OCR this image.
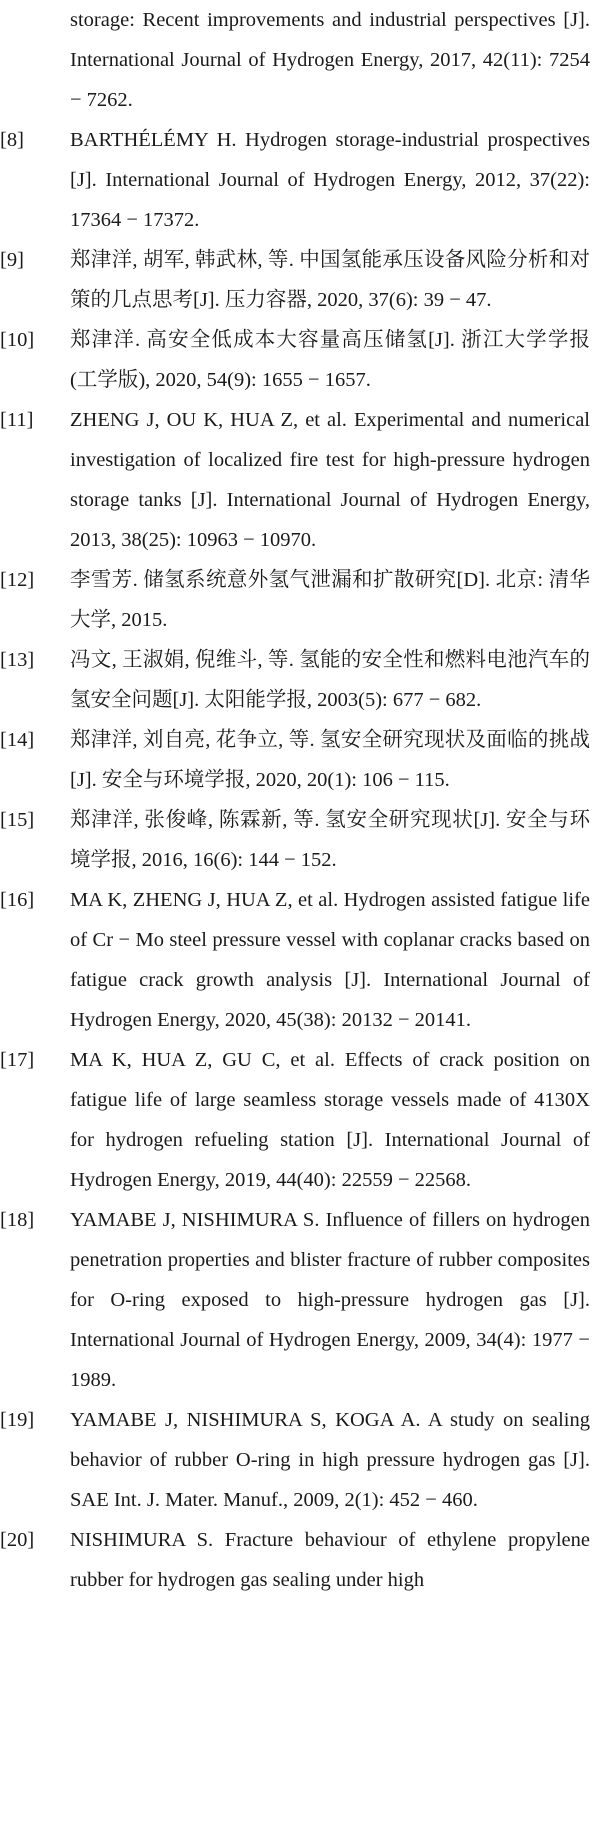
storage: Recent improvements and industrial perspectives [J]. International Journal of Hydrogen Energy, 2017, 42(11): 7254 − 7262.
[8] BARTHÉLÉMY H. Hydrogen storage-industrial prospectives [J]. International Journal of Hydrogen Energy, 2012, 37(22): 17364 − 17372.
[9] 郑津洋, 胡军, 韩武林, 等. 中国氢能承压设备风险分析和对策的几点思考[J]. 压力容器, 2020, 37(6): 39 − 47.
[10] 郑津洋. 高安全低成本大容量高压储氢[J]. 浙江大学学报(工学版), 2020, 54(9): 1655 − 1657.
[11] ZHENG J, OU K, HUA Z, et al. Experimental and numerical investigation of localized fire test for high-pressure hydrogen storage tanks [J]. International Journal of Hydrogen Energy, 2013, 38(25): 10963 − 10970.
[12] 李雪芳. 储氢系统意外氢气泄漏和扩散研究[D]. 北京: 清华大学, 2015.
[13] 冯文, 王淑娟, 倪维斗, 等. 氢能的安全性和燃料电池汽车的氢安全问题[J]. 太阳能学报, 2003(5): 677 − 682.
[14] 郑津洋, 刘自亮, 花争立, 等. 氢安全研究现状及面临的挑战[J]. 安全与环境学报, 2020, 20(1): 106 − 115.
[15] 郑津洋, 张俊峰, 陈霖新, 等. 氢安全研究现状[J]. 安全与环境学报, 2016, 16(6): 144 − 152.
[16] MA K, ZHENG J, HUA Z, et al. Hydrogen assisted fatigue life of Cr − Mo steel pressure vessel with coplanar cracks based on fatigue crack growth analysis [J]. International Journal of Hydrogen Energy, 2020, 45(38): 20132 − 20141.
[17] MA K, HUA Z, GU C, et al. Effects of crack position on fatigue life of large seamless storage vessels made of 4130X for hydrogen refueling station [J]. International Journal of Hydrogen Energy, 2019, 44(40): 22559 − 22568.
[18] YAMABE J, NISHIMURA S. Influence of fillers on hydrogen penetration properties and blister fracture of rubber composites for O-ring exposed to high-pressure hydrogen gas [J]. International Journal of Hydrogen Energy, 2009, 34(4): 1977 − 1989.
[19] YAMABE J, NISHIMURA S, KOGA A. A study on sealing behavior of rubber O-ring in high pressure hydrogen gas [J]. SAE Int. J. Mater. Manuf., 2009, 2(1): 452 − 460.
[20] NISHIMURA S. Fracture behaviour of ethylene propylene rubber for hydrogen gas sealing under high
